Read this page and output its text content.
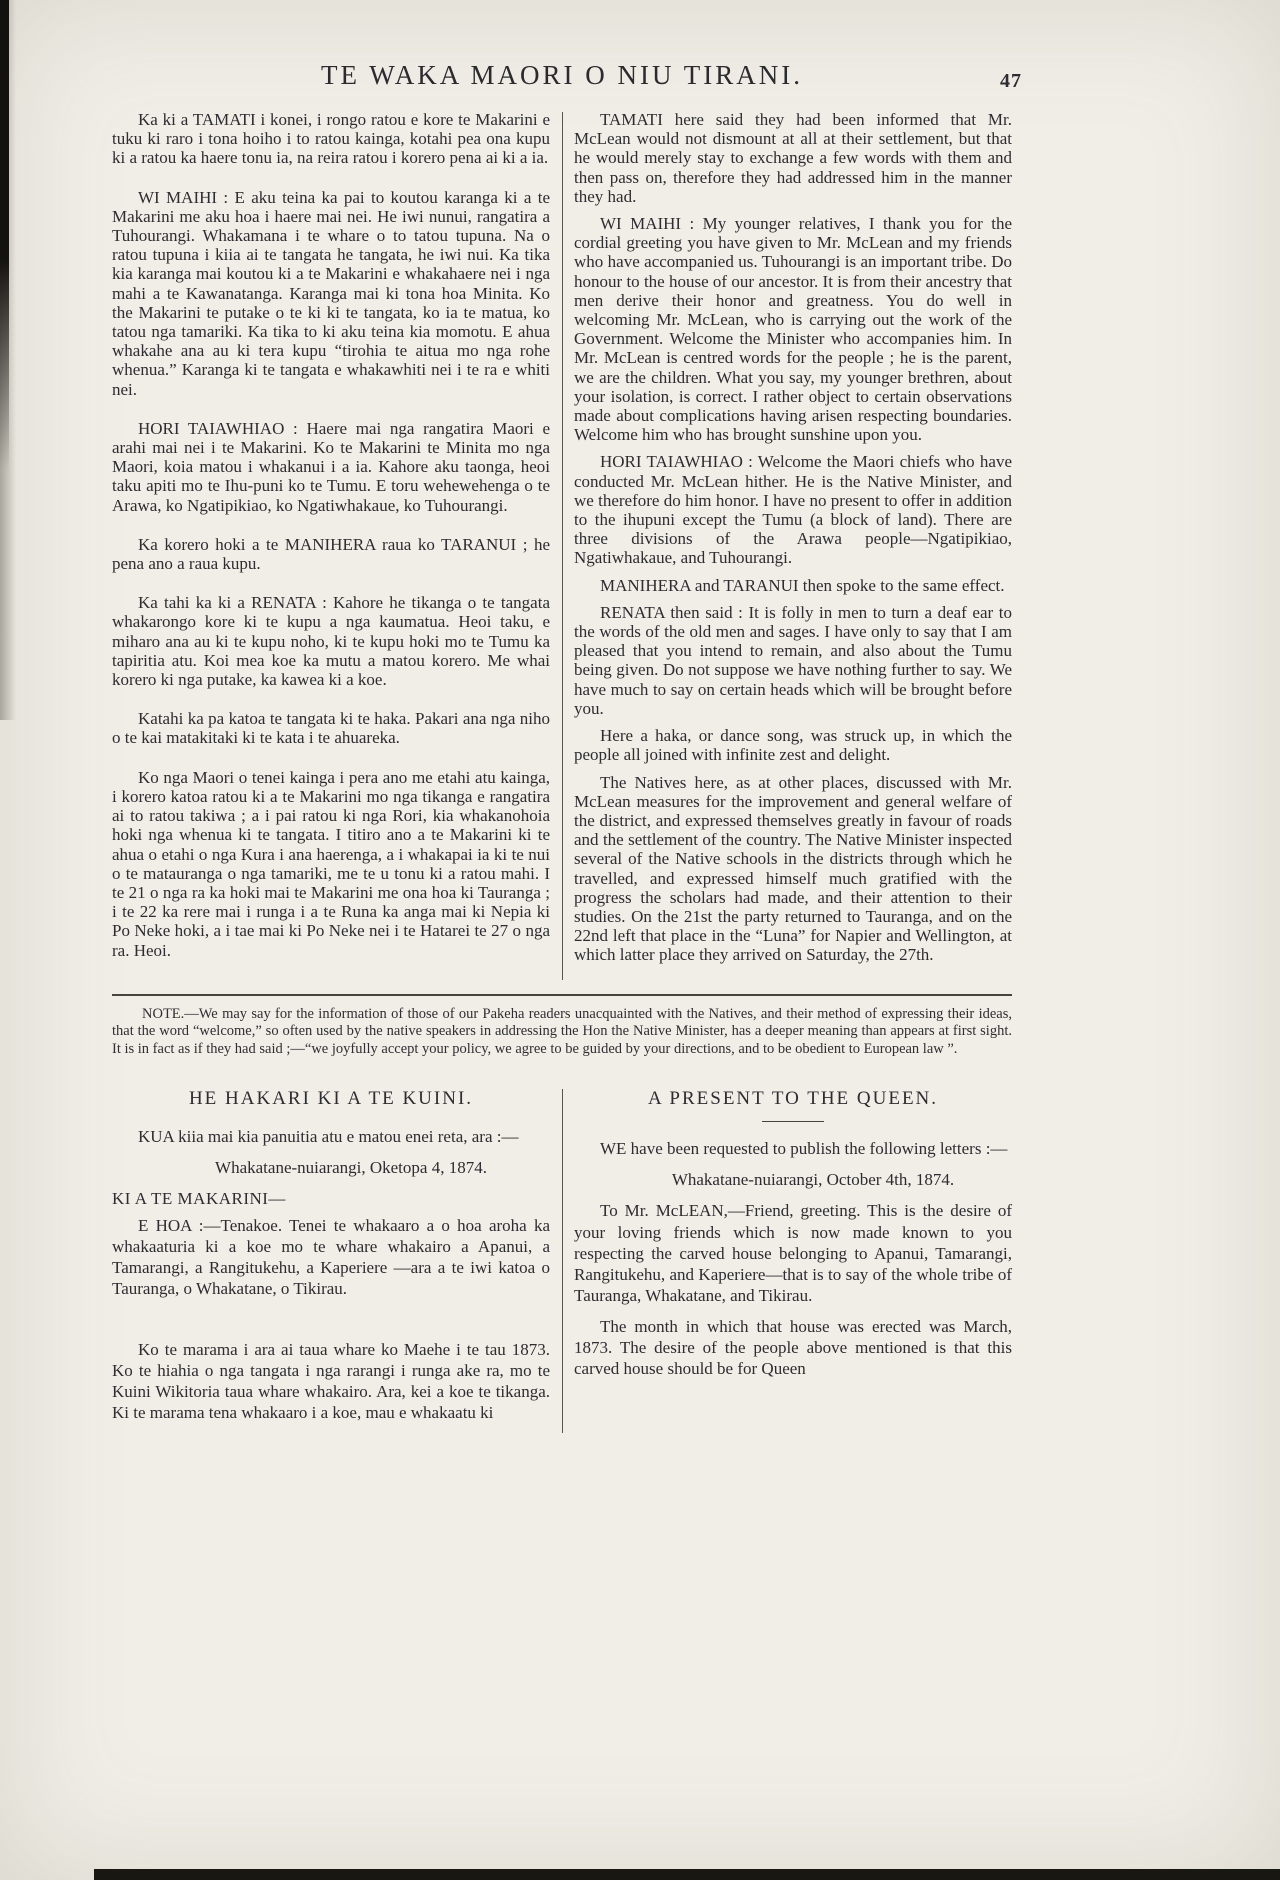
TE WAKA MAORI O NIU TIRANI.	47

Ka ki a TAMATI i konei, i rongo ratou e kore te Makarini e tuku ki raro i tona hoiho i to ratou kainga, kotahi pea ona kupu ki a ratou ka haere tonu ia, na reira ratou i korero pena ai ki a ia.

WI MAIHI : E aku teina ka pai to koutou karanga ki a te Makarini me aku hoa i haere mai nei. He iwi nunui, rangatira a Tuhourangi. Whakamana i te whare o to tatou tupuna. Na o ratou tupuna i kiia ai te tangata he tangata, he iwi nui. Ka tika kia karanga mai koutou ki a te Makarini e whakahaere nei i nga mahi a te Kawanatanga. Karanga mai ki tona hoa Minita. Ko the Makarini te putake o te ki ki te tangata, ko ia te matua, ko tatou nga tamariki. Ka tika to ki aku teina kia momotu. E ahua whakahe ana au ki tera kupu “tirohia te aitua mo nga rohe whenua.” Karanga ki te tangata e whakawhiti nei i te ra e whiti nei.

HORI TAIAWHIAO : Haere mai nga rangatira Maori e arahi mai nei i te Makarini. Ko te Makarini te Minita mo nga Maori, koia matou i whakanui i a ia. Kahore aku taonga, heoi taku apiti mo te Ihu-puni ko te Tumu. E toru wehewehenga o te Arawa, ko Ngatipikiao, ko Ngatiwhakaue, ko Tuhourangi.

Ka korero hoki a te MANIHERA raua ko TARANUI ; he pena ano a raua kupu.

Ka tahi ka ki a RENATA : Kahore he tikanga o te tangata whakarongo kore ki te kupu a nga kaumatua. Heoi taku, e miharo ana au ki te kupu noho, ki te kupu hoki mo te Tumu ka tapiritia atu. Koi mea koe ka mutu a matou korero. Me whai korero ki nga putake, ka kawea ki a koe.

Katahi ka pa katoa te tangata ki te haka. Pakari ana nga niho o te kai matakitaki ki te kata i te ahuareka.

Ko nga Maori o tenei kainga i pera ano me etahi atu kainga, i korero katoa ratou ki a te Makarini mo nga tikanga e rangatira ai to ratou takiwa ; a i pai ratou ki nga Rori, kia whakanohoia hoki nga whenua ki te tangata. I titiro ano a te Makarini ki te ahua o etahi o nga Kura i ana haerenga, a i whakapai ia ki te nui o te matauranga o nga tamariki, me te u tonu ki a ratou mahi. I te 21 o nga ra ka hoki mai te Makarini me ona hoa ki Tauranga ; i te 22 ka rere mai i runga i a te Runa ka anga mai ki Nepia ki Po Neke hoki, a i tae mai ki Po Neke nei i te Hatarei te 27 o nga ra. Heoi.

TAMATI here said they had been informed that Mr. McLean would not dismount at all at their settlement, but that he would merely stay to exchange a few words with them and then pass on, therefore they had addressed him in the manner they had.

WI MAIHI : My younger relatives, I thank you for the cordial greeting you have given to Mr. McLean and my friends who have accompanied us. Tuhourangi is an important tribe. Do honour to the house of our ancestor. It is from their ancestry that men derive their honor and greatness. You do well in welcoming Mr. McLean, who is carrying out the work of the Government. Welcome the Minister who accompanies him. In Mr. McLean is centred words for the people ; he is the parent, we are the children. What you say, my younger brethren, about your isolation, is correct. I rather object to certain observations made about complications having arisen respecting boundaries. Welcome him who has brought sunshine upon you.

HORI TAIAWHIAO : Welcome the Maori chiefs who have conducted Mr. McLean hither. He is the Native Minister, and we therefore do him honor. I have no present to offer in addition to the ihupuni except the Tumu (a block of land). There are three divisions of the Arawa people—Ngatipikiao, Ngatiwhakaue, and Tuhourangi.

MANIHERA and TARANUI then spoke to the same effect.

RENATA then said : It is folly in men to turn a deaf ear to the words of the old men and sages. I have only to say that I am pleased that you intend to remain, and also about the Tumu being given. Do not suppose we have nothing further to say. We have much to say on certain heads which will be brought before you.

Here a haka, or dance song, was struck up, in which the people all joined with infinite zest and delight.

The Natives here, as at other places, discussed with Mr. McLean measures for the improvement and general welfare of the district, and expressed themselves greatly in favour of roads and the settlement of the country. The Native Minister inspected several of the Native schools in the districts through which he travelled, and expressed himself much gratified with the progress the scholars had made, and their attention to their studies. On the 21st the party returned to Tauranga, and on the 22nd left that place in the “Luna” for Napier and Wellington, at which latter place they arrived on Saturday, the 27th.

NOTE.—We may say for the information of those of our Pakeha readers unacquainted with the Natives, and their method of expressing their ideas, that the word “welcome,” so often used by the native speakers in addressing the Hon the Native Minister, has a deeper meaning than appears at first sight. It is in fact as if they had said ;—“we joyfully accept your policy, we agree to be guided by your directions, and to be obedient to European law ”.
HE HAKARI KI A TE KUINI.

KUA kiia mai kia panuitia atu e matou enei reta, ara :—

Whakatane-nuiarangi, Oketopa 4, 1874.

KI A TE MAKARINI—

E HOA :—Tenakoe. Tenei te whakaaro a o hoa aroha ka whakaaturia ki a koe mo te whare whakairo a Apanui, a Tamarangi, a Rangitukehu, a Kaperiere —ara a te iwi katoa o Tauranga, o Whakatane, o Tikirau.

Ko te marama i ara ai taua whare ko Maehe i te tau 1873. Ko te hiahia o nga tangata i nga rarangi i runga ake ra, mo te Kuini Wikitoria taua whare whakairo. Ara, kei a koe te tikanga. Ki te marama tena whakaaro i a koe, mau e whakaatu ki

A PRESENT TO THE QUEEN.

WE have been requested to publish the following letters :—

Whakatane-nuiarangi, October 4th, 1874.

To Mr. McLEAN,—Friend, greeting. This is the desire of your loving friends which is now made known to you respecting the carved house belonging to Apanui, Tamarangi, Rangitukehu, and Kaperiere—that is to say of the whole tribe of Tauranga, Whakatane, and Tikirau.

The month in which that house was erected was March, 1873. The desire of the people above mentioned is that this carved house should be for Queen
